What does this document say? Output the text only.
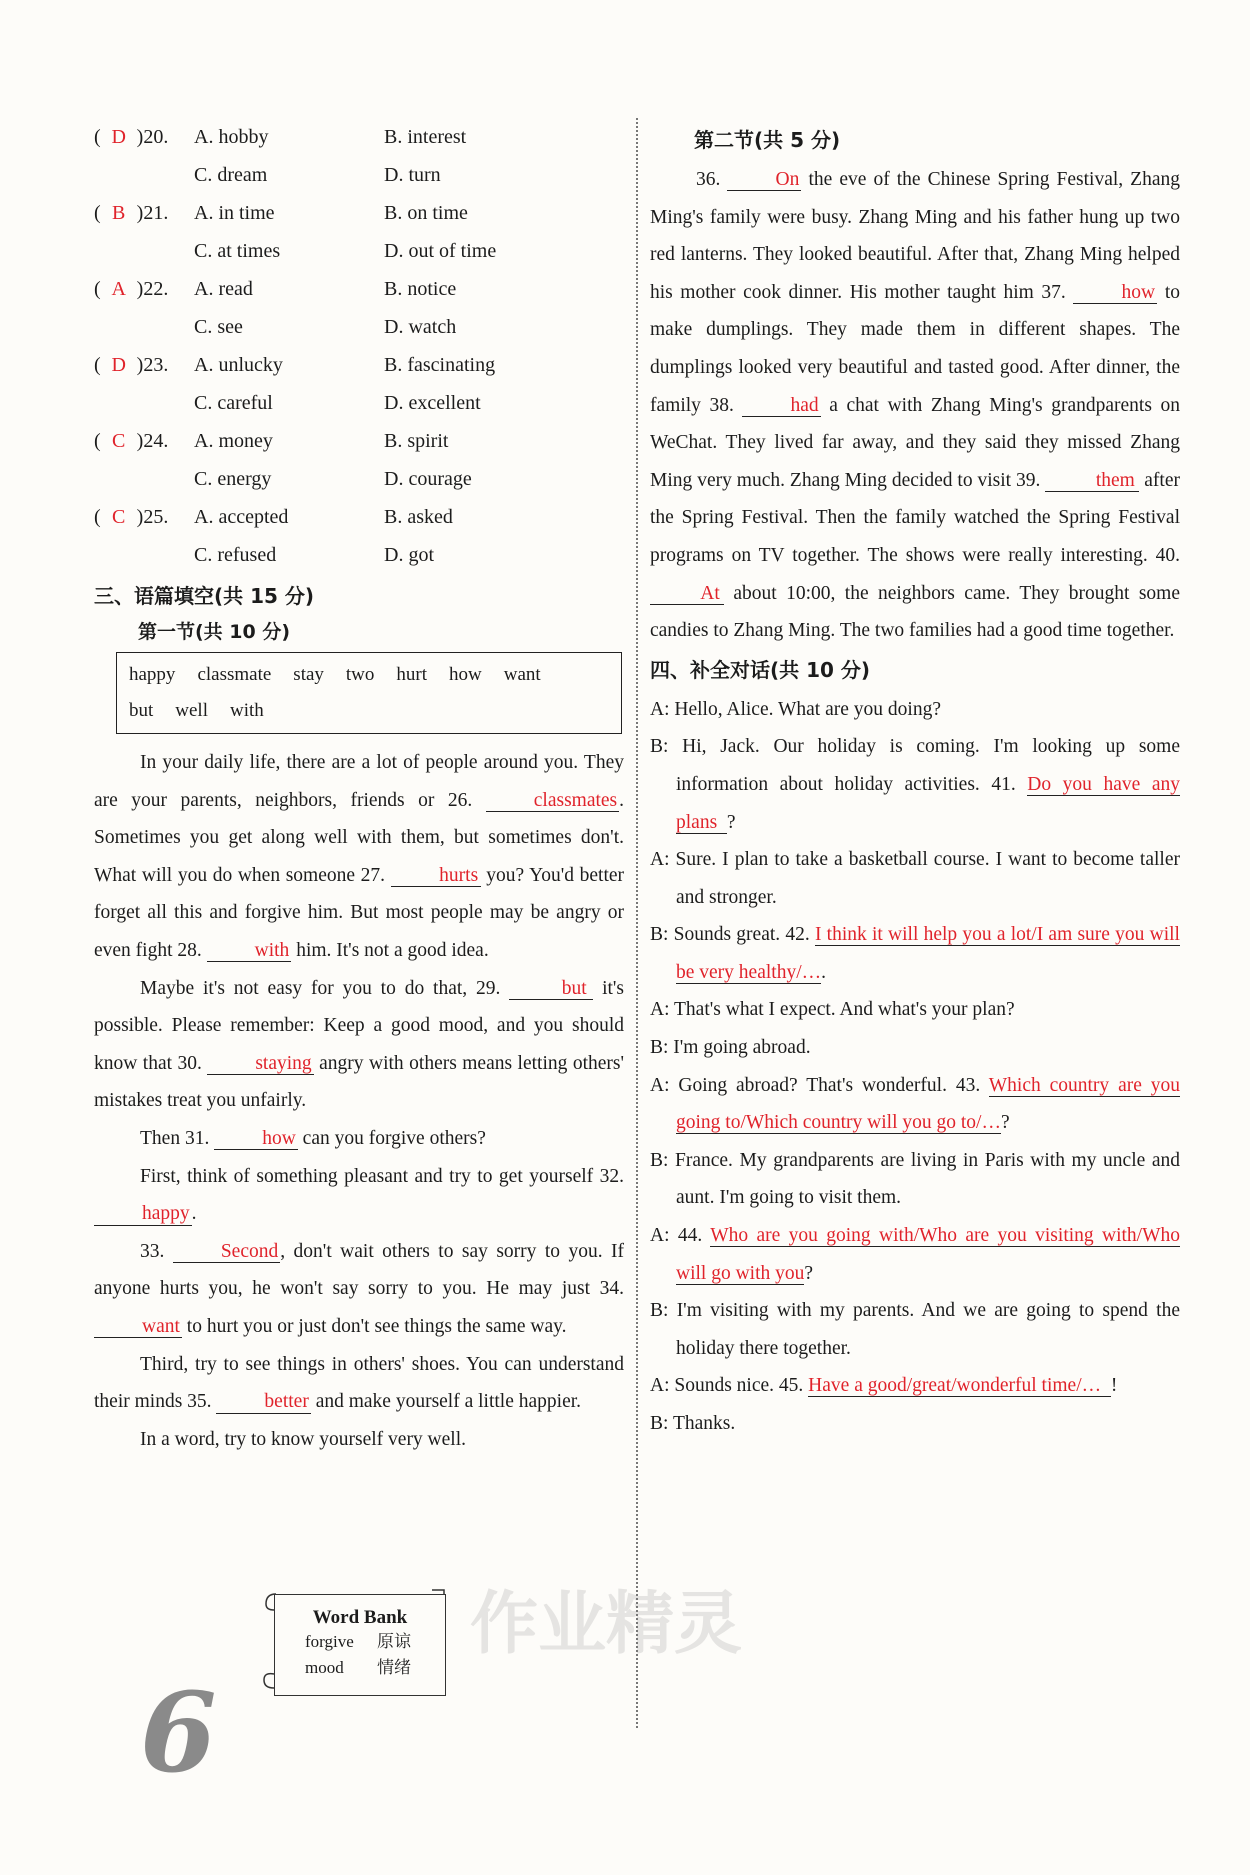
( D )20.	A. hobby	B. interest
C. dream	D. turn
( B )21.	A. in time	B. on time
C. at times	D. out of time
( A )22.	A. read	B. notice
C. see	D. watch
( D )23.	A. unlucky	B. fascinating
C. careful	D. excellent
( C )24.	A. money	B. spirit
C. energy	D. courage
( C )25.	A. accepted	B. asked
C. refused	D. got
三、语篇填空(共 15 分)
第一节(共 10 分)
happy classmate stay two hurt how want
but well with

In your daily life, there are a lot of people around you. They are your parents, neighbors, friends or 26.	classmates . Sometimes you get along well with them, but sometimes don't. What will you do when someone 27.	hurts you? You'd better forget all this and forgive him. But most people may be angry or even fight 28.	with him. It's not a good idea.

Maybe it's not easy for you to do that, 29.	but it's possible. Please remember: Keep a good mood, and you should know that 30.	staying angry with others means letting others' mistakes treat you unfairly.

Then 31.	how can you forgive others?

First, think of something pleasant and try to get yourself 32. happy .

33.	Second , don't wait others to say sorry to you. If anyone hurts you, he won't say sorry to you. He may just 34. want to hurt you or just don't see things the same way.

Third, try to see things in others' shoes. You can understand their minds 35.	better and make yourself a little happier.

In a word, try to know yourself very well.

第二节(共 5 分)

36.	On the eve of the Chinese Spring Festival, Zhang Ming's family were busy. Zhang Ming and his father hung up two red lanterns. They looked beautiful. After that, Zhang Ming helped his mother cook dinner. His mother taught him 37.	how to make dumplings. They made them in different shapes. The dumplings looked very beautiful and tasted good. After dinner, the family 38.	had a chat with Zhang Ming's grandparents on WeChat. They lived far away, and they said they missed Zhang Ming very much. Zhang Ming decided to visit 39.	them after the Spring Festival. Then the family watched the Spring Festival programs on TV together. The shows were really interesting. 40. At about 10:00, the neighbors came. They brought some candies to Zhang Ming. The two families had a good time together.

四、补全对话(共 10 分)

A: Hello, Alice. What are you doing?

B: Hi, Jack. Our holiday is coming. I'm looking up some information about holiday activities. 41. Do you have any plans ?

A: Sure. I plan to take a basketball course. I want to become taller and stronger.

B: Sounds great. 42. I think it will help you a lot/I am sure you will be very healthy/….

A: That's what I expect. And what's your plan?

B: I'm going abroad.

A: Going abroad? That's wonderful. 43. Which country are you going to/Which country will you go to/…?

B: France. My grandparents are living in Paris with my uncle and aunt. I'm going to visit them.

A: 44. Who are you going with/Who are you visiting with/Who will go with you?

B: I'm visiting with my parents. And we are going to spend the holiday there together.

A: Sounds nice. 45. Have a good/great/wonderful time/… !

B: Thanks.

Word Bank
forgive 原谅
mood 情绪
6
作业精灵
